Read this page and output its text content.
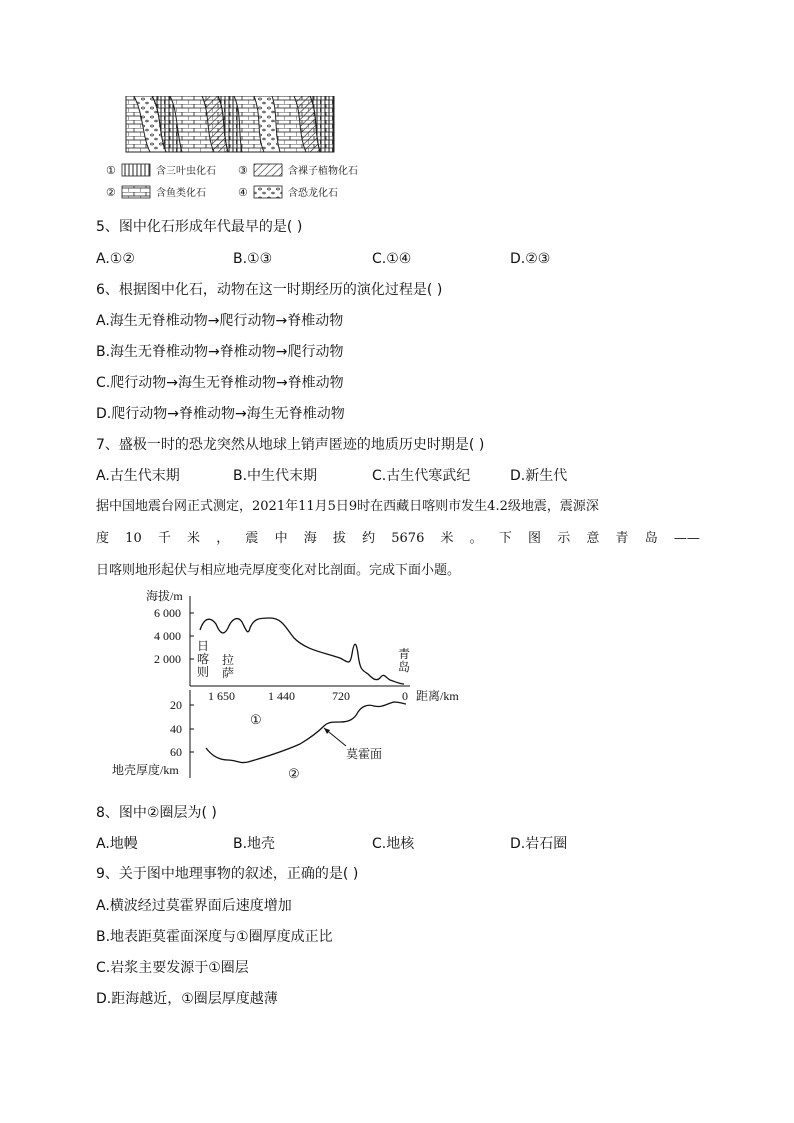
①	含三叶虫化石 ③	含裸子植物化石
②	含鱼类化石	④	含恐龙化石
5、图中化石形成年代最早的是( )
A.①②	B.①③	C.①④	D.②③
6、根据图中化石，动物在这一时期经历的演化过程是( )
A.海生无脊椎动物→爬行动物→脊椎动物
B.海生无脊椎动物→脊椎动物→爬行动物
C.爬行动物→海生无脊椎动物→脊椎动物
D.爬行动物→脊椎动物→海生无脊椎动物
7、盛极一时的恐龙突然从地球上销声匿迹的地质历史时期是( )
A.古生代末期	B.中生代末期	C.古生代寒武纪	D.新生代
据中国地震台网正式测定，2021年11月5日9时在西藏日喀则市发生4.2级地震，震源深
度 10 千 米 ， 震 中 海 拔 约 5676 米 。 下 图 示 意 青 岛 ——
日喀则地形起伏与相应地壳厚度变化对比剖面。完成下面小题。
海拔/m
6 000
4 000
2 000
日
喀
则
拉
萨
青
岛
1 650	1 440	720	0 距离/km
20
40
60
地壳厚度/km
①
②
莫霍面
8、图中②圈层为( )
A.地幔	B.地壳	C.地核	D.岩石圈
9、关于图中地理事物的叙述，正确的是( )
A.横波经过莫霍界面后速度增加
B.地表距莫霍面深度与①圈厚度成正比
C.岩浆主要发源于①圈层
D.距海越近，①圈层厚度越薄
